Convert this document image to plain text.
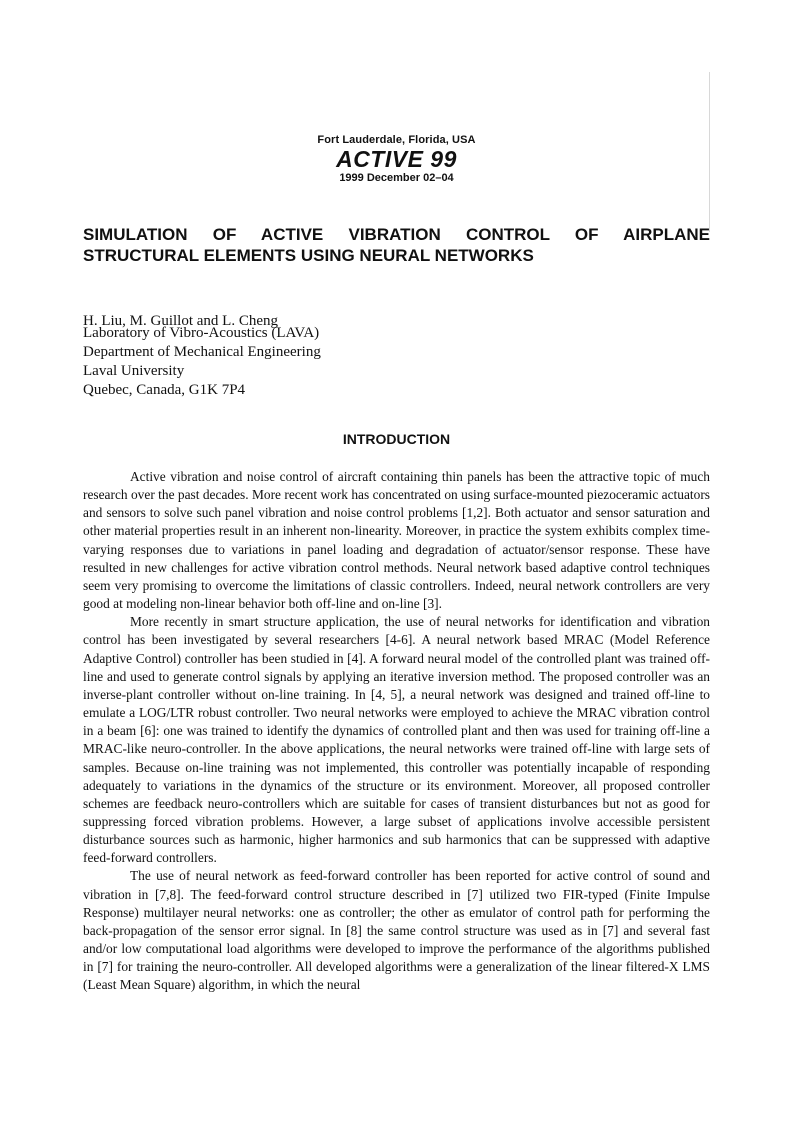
Fort Lauderdale, Florida, USA
ACTIVE 99
1999 December 02–04
SIMULATION OF ACTIVE VIBRATION CONTROL OF AIRPLANE
STRUCTURAL ELEMENTS USING NEURAL NETWORKS

H. Liu, M. Guillot and L. Cheng

Laboratory of Vibro-Acoustics (LAVA)
Department of Mechanical Engineering
Laval University
Quebec, Canada, G1K 7P4
INTRODUCTION

Active vibration and noise control of aircraft containing thin panels has been the attractive topic of much research over the past decades. More recent work has concentrated on using surface-mounted piezoceramic actuators and sensors to solve such panel vibration and noise control problems [1,2]. Both actuator and sensor saturation and other material properties result in an inherent non-linearity. Moreover, in practice the system exhibits complex time-varying responses due to variations in panel loading and degradation of actuator/sensor response. These have resulted in new challenges for active vibration control methods. Neural network based adaptive control techniques seem very promising to overcome the limitations of classic controllers. Indeed, neural network controllers are very good at modeling non-linear behavior both off-line and on-line [3].

More recently in smart structure application, the use of neural networks for identification and vibration control has been investigated by several researchers [4-6]. A neural network based MRAC (Model Reference Adaptive Control) controller has been studied in [4]. A forward neural model of the controlled plant was trained off-line and used to generate control signals by applying an iterative inversion method. The proposed controller was an inverse-plant controller without on-line training. In [4, 5], a neural network was designed and trained off-line to emulate a LOG/LTR robust controller. Two neural networks were employed to achieve the MRAC vibration control in a beam [6]: one was trained to identify the dynamics of controlled plant and then was used for training off-line a MRAC-like neuro-controller. In the above applications, the neural networks were trained off-line with large sets of samples. Because on-line training was not implemented, this controller was potentially incapable of responding adequately to variations in the dynamics of the structure or its environment. Moreover, all proposed controller schemes are feedback neuro-controllers which are suitable for cases of transient disturbances but not as good for suppressing forced vibration problems. However, a large subset of applications involve accessible persistent disturbance sources such as harmonic, higher harmonics and sub harmonics that can be suppressed with adaptive feed-forward controllers.

The use of neural network as feed-forward controller has been reported for active control of sound and vibration in [7,8]. The feed-forward control structure described in [7] utilized two FIR-typed (Finite Impulse Response) multilayer neural networks: one as controller; the other as emulator of control path for performing the back-propagation of the sensor error signal. In [8] the same control structure was used as in [7] and several fast and/or low computational load algorithms were developed to improve the performance of the algorithms published in [7] for training the neuro-controller. All developed algorithms were a generalization of the linear filtered-X LMS (Least Mean Square) algorithm, in which the neural
